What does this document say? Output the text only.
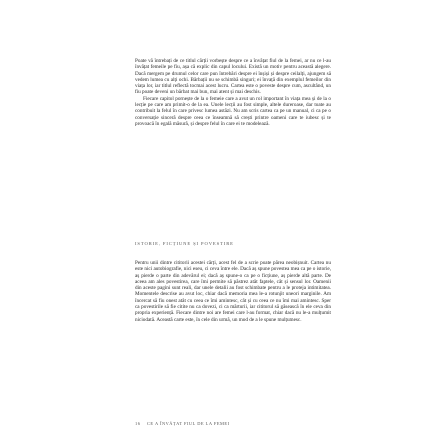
Poate vă întrebați de ce titlul cărții vorbește despre ce a învățat fiul de la femei, ar nu ce l-au învățat femeile pe fiu, așa că explic din capul locului. Există un motiv pentru această alegere. Dacă mergem pe drumul celor care pun întrebări despre ei înșiși și despre ceilalți, ajungem să vedem lumea cu alți ochi. Bărbații nu se schimbă singuri; ei învață din exemplul femeilor din viața lor, iar titlul reflectă tocmai acest lucru. Cartea este o poveste despre cum, ascultând, un fiu poate deveni un bărbat mai bun, mai atent și mai deschis.

Fiecare capitol pornește de la o femeie care a avut un rol important în viața mea și de la o lecție pe care am primit-o de la ea. Unele lecții au fost simple, altele dureroase, dar toate au contribuit la felul în care privesc lumea astăzi. Nu am scris cartea ca pe un manual, ci ca pe o conversație sinceră despre ceea ce înseamnă să crești printre oameni care te iubesc și te provoacă în egală măsură, și despre felul în care ei te modelează.

ISTORIE, FICȚIUNE ȘI POVESTIRE

Pentru unii dintre cititorii acestei cărți, acest fel de a scrie poate părea neobișnuit. Cartea nu este nici autobiografie, nici eseu, ci ceva între ele. Dacă aș spune povestea mea ca pe o istorie, aș pierde o parte din adevărul ei; dacă aș spune-o ca pe o ficțiune, aș pierde altă parte. De aceea am ales povestirea, care îmi permite să păstrez atât faptele, cât și sensul lor. Oamenii din aceste pagini sunt reali, dar unele detalii au fost schimbate pentru a le proteja intimitatea. Momentele descrise au avut loc, chiar dacă memoria mea le-a rotunjit uneori marginile. Am încercat să fiu onest atât cu ceea ce îmi amintesc, cât și cu ceea ce nu îmi mai amintesc. Sper ca povestirile să fie citite nu ca dovezi, ci ca mărturii, iar cititorul să găsească în ele ceva din propria experiență. Fiecare dintre noi are femei care l-au format, chiar dacă nu le-a mulțumit niciodată. Această carte este, în cele din urmă, un mod de a le spune mulțumesc.

16 CE A ÎNVĂȚAT FIUL DE LA FEMEI
